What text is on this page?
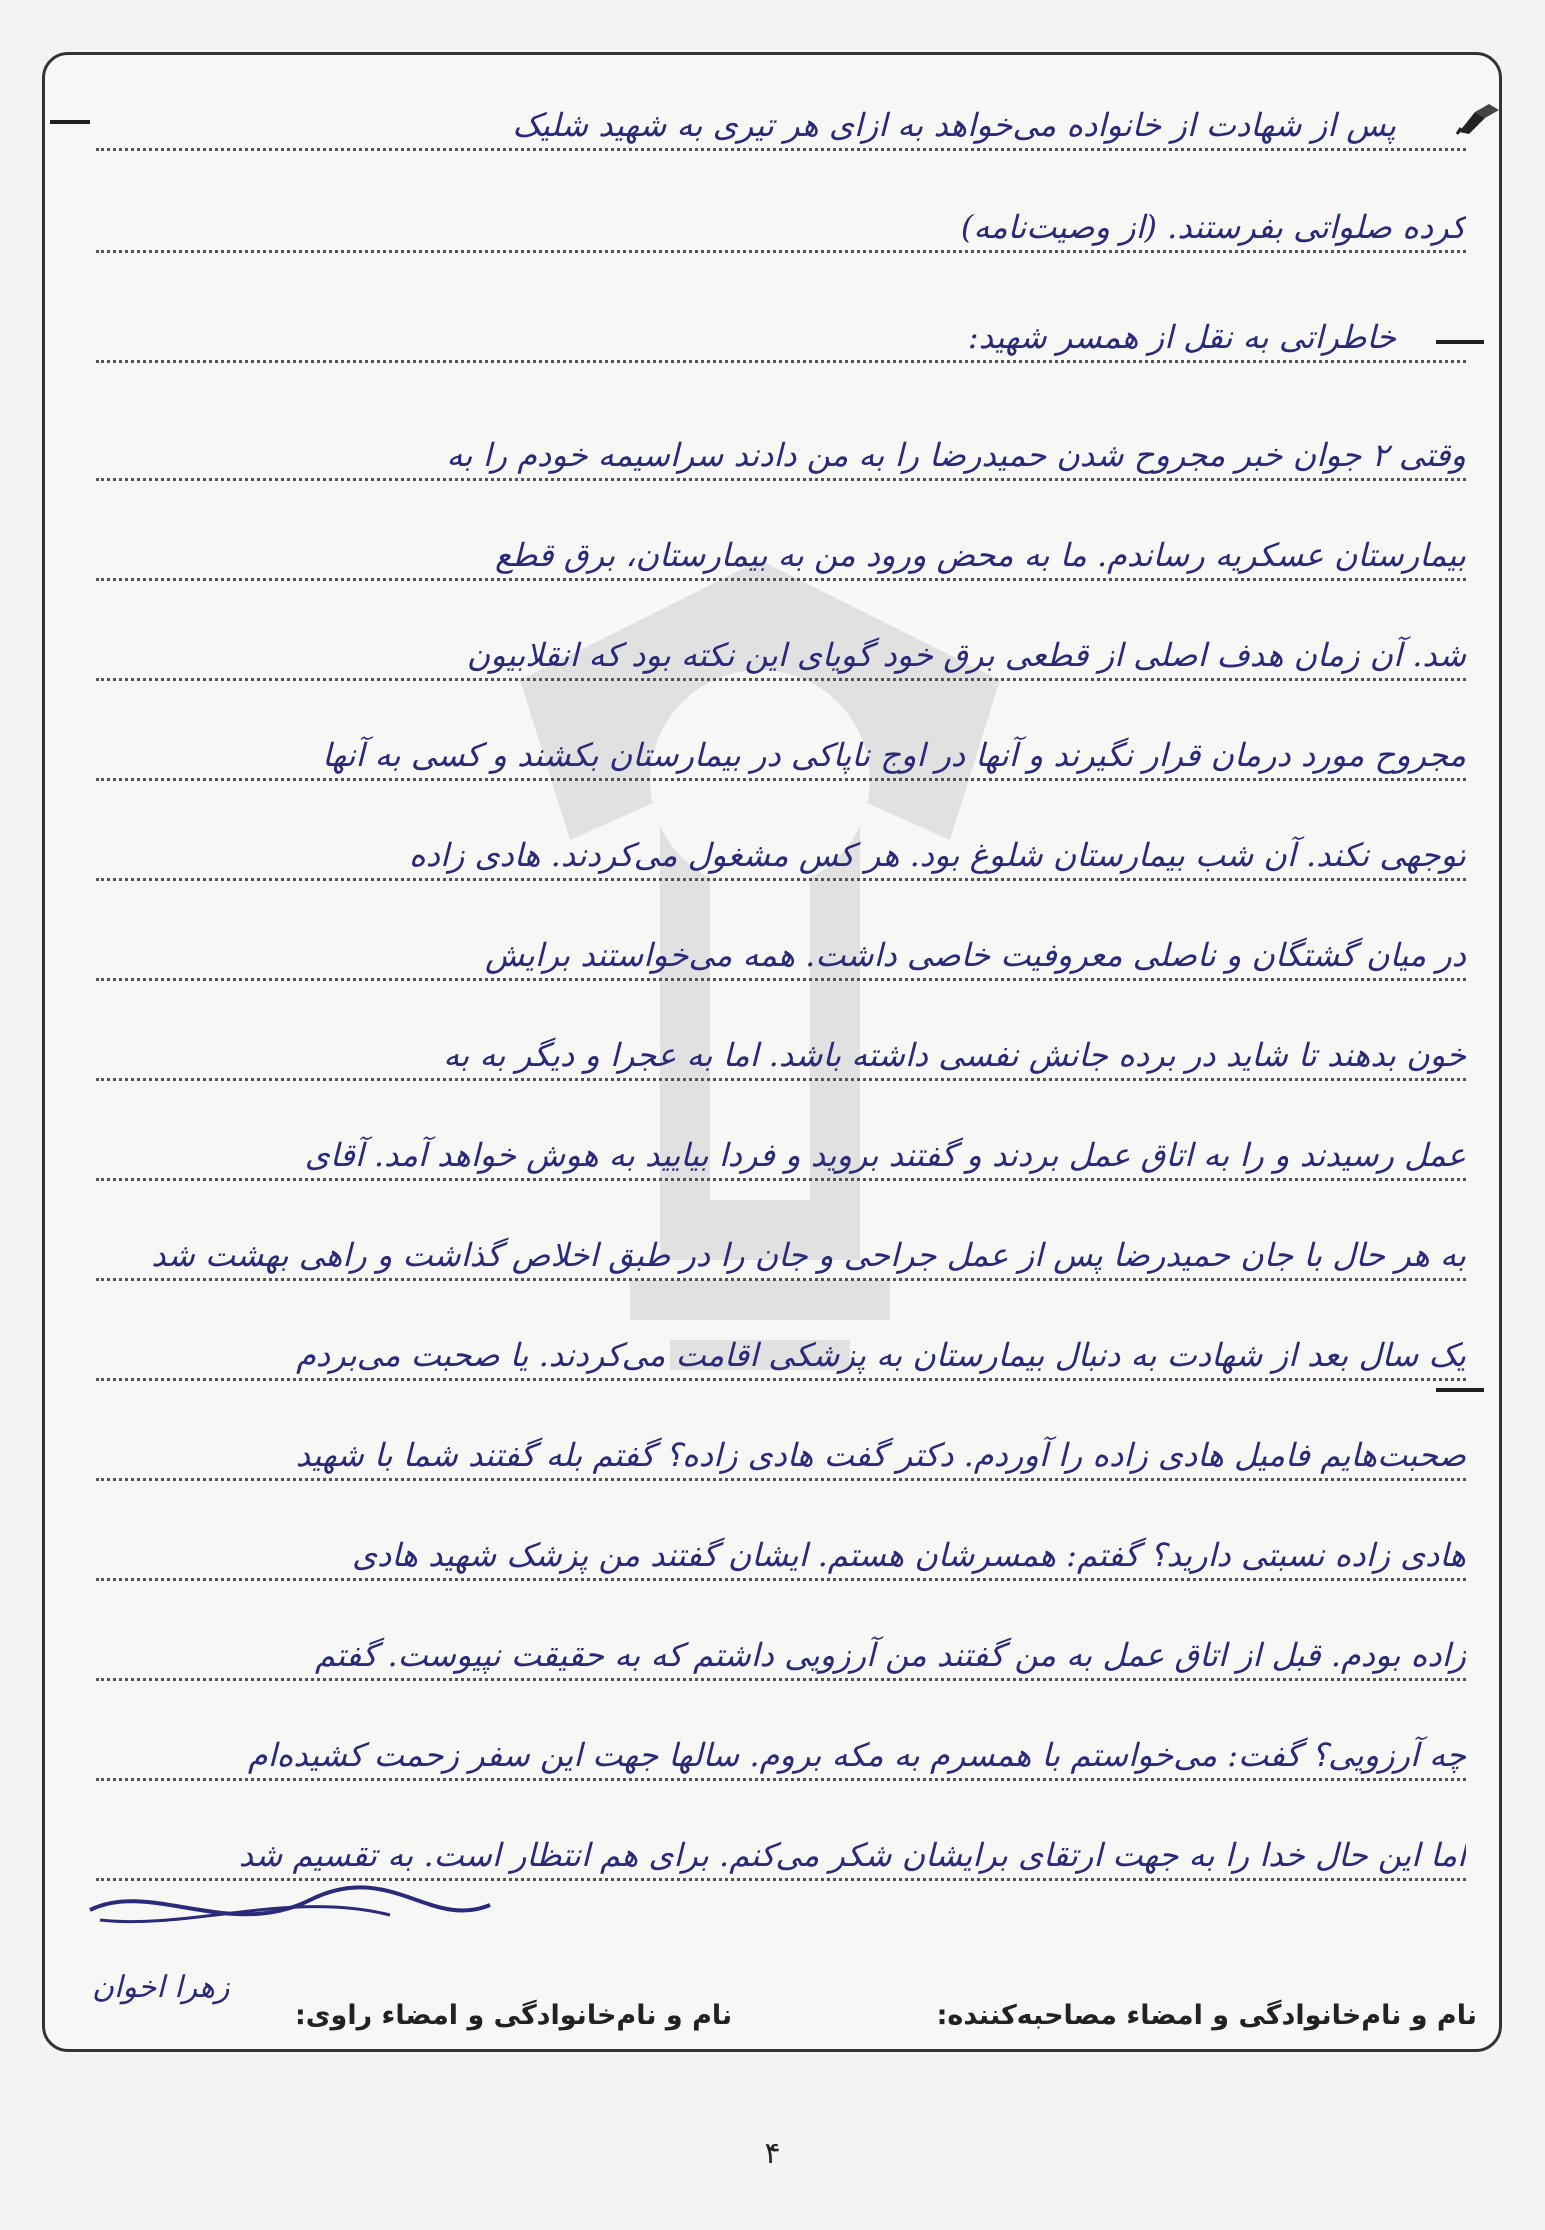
پس از شهادت از خانواده می‌خواهد به ازای هر تیری به شهید شلیک
کرده صلواتی بفرستند. (از وصیت‌نامه)
خاطراتی به نقل از همسر شهید:
وقتی ۲ جوان خبر مجروح شدن حمیدرضا را به من دادند سراسیمه خودم را به
بیمارستان عسکریه رساندم. ما به محض ورود من به بیمارستان، برق قطع
شد. آن زمان هدف اصلی از قطعی برق خود گویای این نکته بود که انقلابیون
مجروح مورد درمان قرار نگیرند و آنها در اوج ناپاکی در بیمارستان بکشند و کسی به آنها
توجهی نکند. آن شب بیمارستان شلوغ بود. هر کس مشغول می‌کردند. هادی زاده
در میان گشتگان و ناصلی معروفیت خاصی داشت. همه می‌خواستند برایش
خون بدهند تا شاید در برده جانش نفسی داشته باشد. اما به عجرا و دیگر به به
عمل رسیدند و را به اتاق عمل بردند و گفتند بروید و فردا بیایید به هوش خواهد آمد. آقای
به هر حال با جان حمیدرضا پس از عمل جراحی و جان را در طبق اخلاص گذاشت و راهی بهشت شد
یک سال بعد از شهادت به دنبال بیمارستان به پزشکی اقامت می‌کردند. یا صحبت می‌بردم
صحبت‌هایم فامیل هادی زاده را آوردم. دکتر گفت هادی زاده؟ گفتم بله گفتند شما با شهید
هادی زاده نسبتی دارید؟ گفتم: همسرشان هستم. ایشان گفتند من پزشک شهید هادی
زاده بودم. قبل از اتاق عمل به من گفتند من آرزویی داشتم که به حقیقت نپیوست. گفتم
چه آرزویی؟ گفت: می‌خواستم با همسرم به مکه بروم. سالها جهت این سفر زحمت کشیده‌ام
اما این حال خدا را به جهت ارتقای برایشان شکر می‌کنم. برای هم انتظار است. به تقسیم شد
زهرا اخوان
نام و نام‌خانوادگی و امضاء مصاحبه‌کننده:
نام و نام‌خانوادگی و امضاء راوی:
۴
